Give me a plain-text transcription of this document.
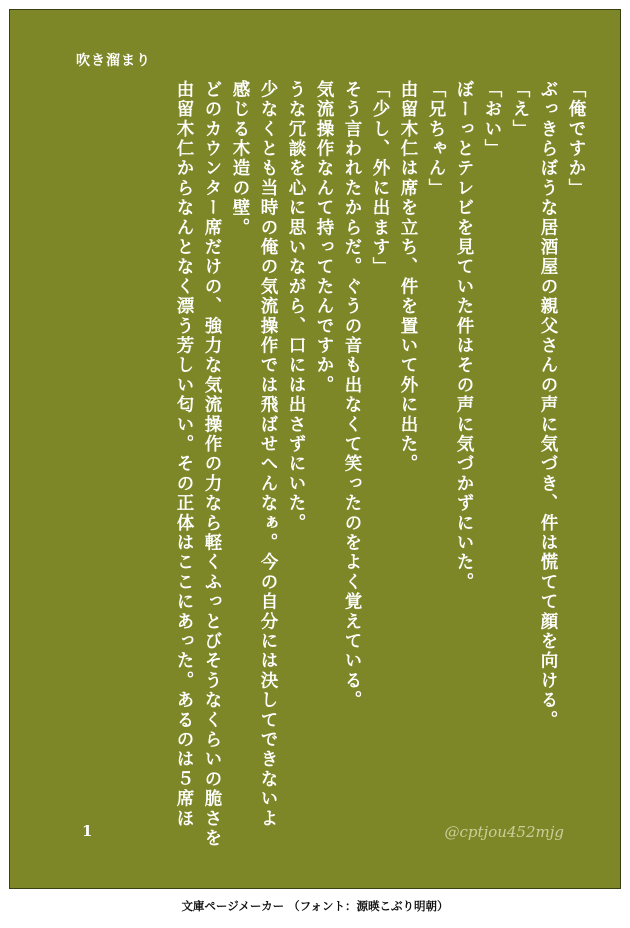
吹き溜まり
由留木仁からなんとなく漂う芳しい匂い。その正体はここにあった。あるのは５席ほ どのカウンター席だけの、強力な気流操作の力なら軽くふっとびそうなくらいの脆さを 感じる木造の壁。 少なくとも当時の俺の気流操作では飛ばせへんなぁ。今の自分には決してできないよ うな冗談を心に思いながら、口には出さずにいた。 気流操作なんて持ってたんですか。 そう言われたからだ。ぐうの音も出なくて笑ったのをよく覚えている。 「少し、外に出ます」 由留木仁は席を立ち、件を置いて外に出た。 「兄ちゃん」 ぼーっとテレビを見ていた件はその声に気づかずにいた。 「おい」 「え」 ぶっきらぼうな居酒屋の親父さんの声に気づき、件は慌てて顔を向ける。 「俺ですか」
1	@cptjou452mjg
文庫ページメーカー （フォント：源暎こぶり明朝）
